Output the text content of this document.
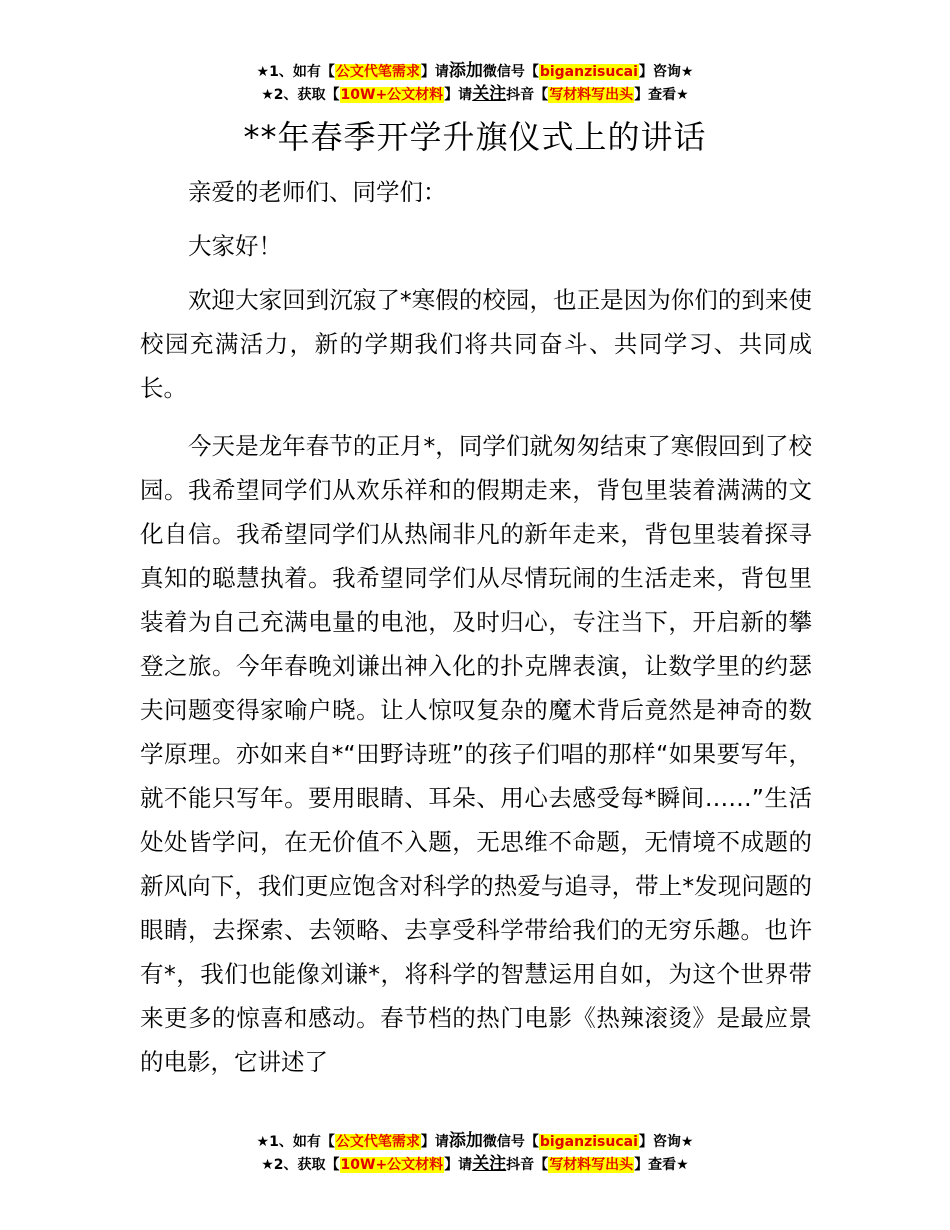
★1、如有【公文代笔需求】请添加微信号【biganzisucai】咨询★
★2、获取【10W+公文材料】请关注抖音【写材料写出头】查看★
**年春季开学升旗仪式上的讲话

亲爱的老师们、同学们：

大家好！

欢迎大家回到沉寂了*寒假的校园，也正是因为你们的到来使校园充满活力，新的学期我们将共同奋斗、共同学习、共同成长。

今天是龙年春节的正月*，同学们就匆匆结束了寒假回到了校园。我希望同学们从欢乐祥和的假期走来，背包里装着满满的文化自信。我希望同学们从热闹非凡的新年走来，背包里装着探寻真知的聪慧执着。我希望同学们从尽情玩闹的生活走来，背包里装着为自己充满电量的电池，及时归心，专注当下，开启新的攀登之旅。今年春晚刘谦出神入化的扑克牌表演，让数学里的约瑟夫问题变得家喻户晓。让人惊叹复杂的魔术背后竟然是神奇的数学原理。亦如来自*“田野诗班”的孩子们唱的那样“如果要写年，就不能只写年。要用眼睛、耳朵、用心去感受每*瞬间……”生活处处皆学问，在无价值不入题，无思维不命题，无情境不成题的新风向下，我们更应饱含对科学的热爱与追寻，带上*发现问题的眼睛，去探索、去领略、去享受科学带给我们的无穷乐趣。也许有*，我们也能像刘谦*，将科学的智慧运用自如，为这个世界带来更多的惊喜和感动。春节档的热门电影《热辣滚烫》是最应景的电影，它讲述了

★1、如有【公文代笔需求】请添加微信号【biganzisucai】咨询★
★2、获取【10W+公文材料】请关注抖音【写材料写出头】查看★
